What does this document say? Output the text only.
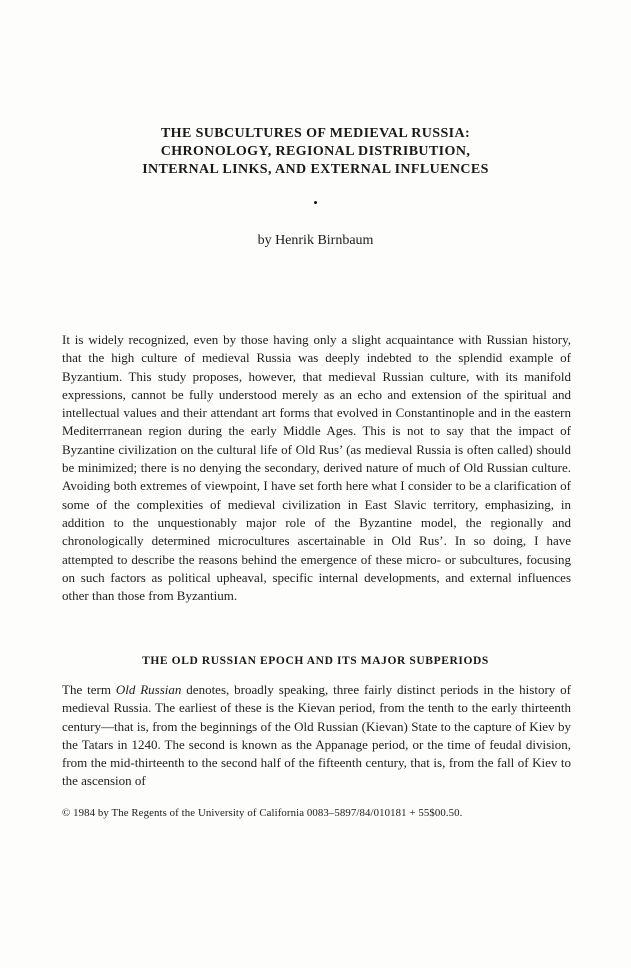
THE SUBCULTURES OF MEDIEVAL RUSSIA:
CHRONOLOGY, REGIONAL DISTRIBUTION,
INTERNAL LINKS, AND EXTERNAL INFLUENCES
•
by Henrik Birnbaum

It is widely recognized, even by those having only a slight acquaintance with Russian history, that the high culture of medieval Russia was deeply indebted to the splendid example of Byzantium. This study proposes, however, that medieval Russian culture, with its manifold expressions, cannot be fully understood merely as an echo and extension of the spiritual and intellectual values and their attendant art forms that evolved in Constantinople and in the eastern Mediterrranean region during the early Middle Ages. This is not to say that the impact of Byzantine civilization on the cultural life of Old Rus’ (as medieval Russia is often called) should be minimized; there is no denying the secondary, derived nature of much of Old Russian culture. Avoiding both extremes of viewpoint, I have set forth here what I consider to be a clarification of some of the complexities of medieval civilization in East Slavic territory, emphasizing, in addition to the unquestionably major role of the Byzantine model, the regionally and chronologically determined microcultures ascertainable in Old Rus’. In so doing, I have attempted to describe the reasons behind the emergence of these micro- or subcultures, focusing on such factors as political upheaval, specific internal developments, and external influences other than those from Byzantium.

THE OLD RUSSIAN EPOCH AND ITS MAJOR SUBPERIODS

The term Old Russian denotes, broadly speaking, three fairly distinct periods in the history of medieval Russia. The earliest of these is the Kievan period, from the tenth to the early thirteenth century—that is, from the beginnings of the Old Russian (Kievan) State to the capture of Kiev by the Tatars in 1240. The second is known as the Appanage period, or the time of feudal division, from the mid-thirteenth to the second half of the fifteenth century, that is, from the fall of Kiev to the ascension of

© 1984 by The Regents of the University of California 0083–5897/84/010181 + 55$00.50.
